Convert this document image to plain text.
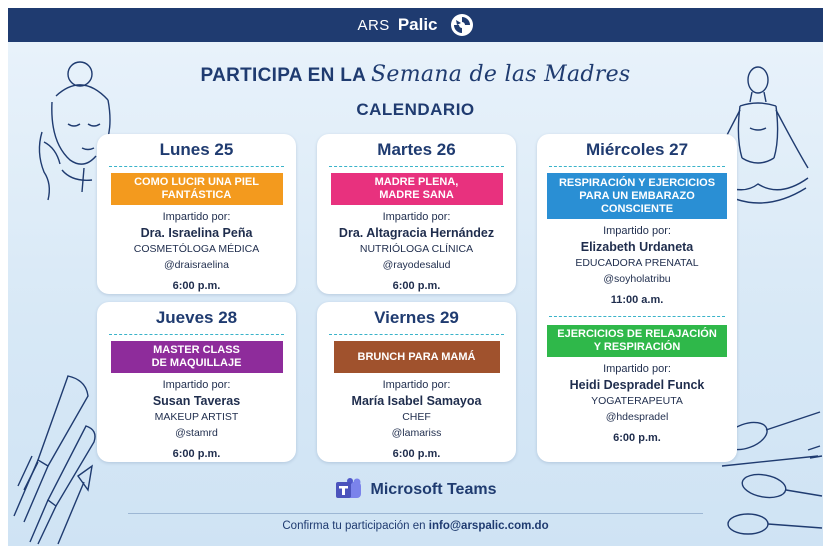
ARS Palic
PARTICIPA EN LA Semana de las Madres
CALENDARIO
Lunes 25
COMO LUCIR UNA PIEL
FANTÁSTICA
Impartido por:
Dra. Israelina Peña
COSMETÓLOGA MÉDICA
@draisraelina
6:00 p.m.
Martes 26
MADRE PLENA,
MADRE SANA
Impartido por:
Dra. Altagracia Hernández
NUTRIÓLOGA CLÍNICA
@rayodesalud
6:00 p.m.
Miércoles 27
RESPIRACIÓN Y EJERCICIOS
PARA UN EMBARAZO
CONSCIENTE
Impartido por:
Elizabeth Urdaneta
EDUCADORA PRENATAL
@soyholatribu
11:00 a.m.
EJERCICIOS DE RELAJACIÓN
Y RESPIRACIÓN
Impartido por:
Heidi Despradel Funck
YOGATERAPEUTA
@hdespradel
6:00 p.m.
Jueves 28
MASTER CLASS
DE MAQUILLAJE
Impartido por:
Susan Taveras
MAKEUP ARTIST
@stamrd
6:00 p.m.
Viernes 29
BRUNCH PARA MAMÁ
Impartido por:
María Isabel Samayoa
CHEF
@lamariss
6:00 p.m.
Microsoft Teams
Confirma tu participación en info@arspalic.com.do
